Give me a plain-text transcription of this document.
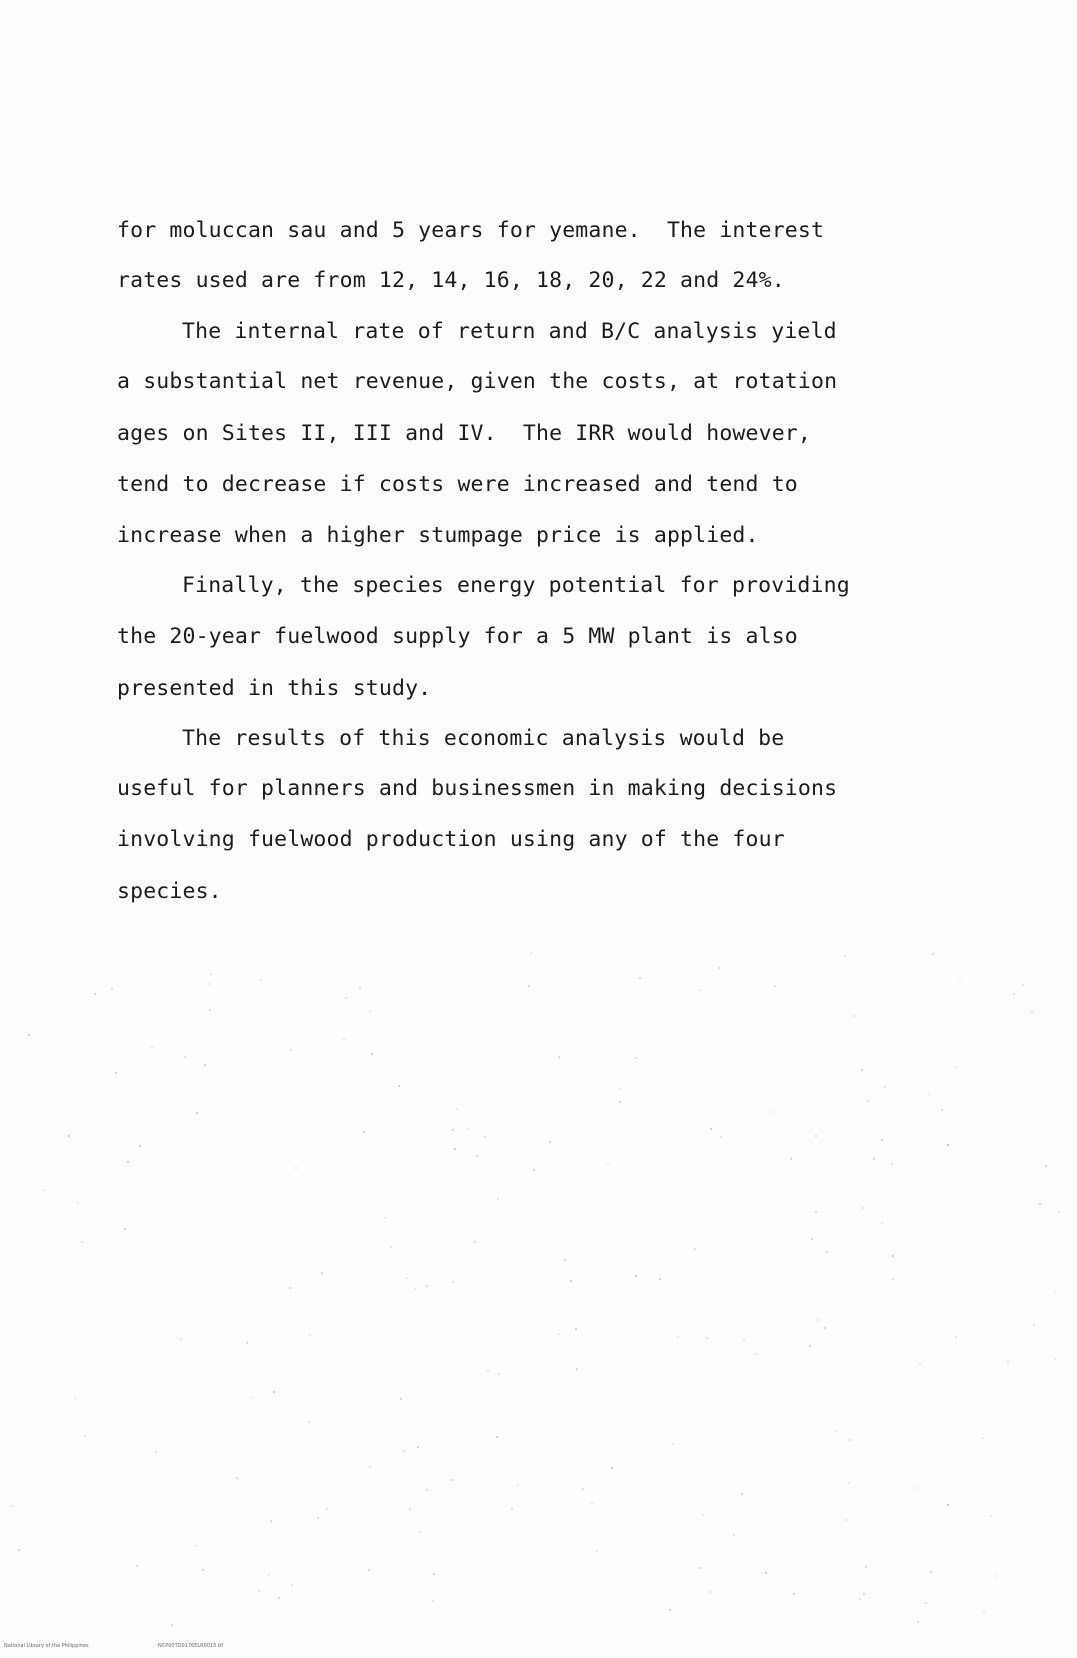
for moluccan sau and 5 years for yemane.  The interest
rates used are from 12, 14, 16, 18, 20, 22 and 24%.
The internal rate of return and B/C analysis yield
a substantial net revenue, given the costs, at rotation
ages on Sites II, III and IV.  The IRR would however,
tend to decrease if costs were increased and tend to
increase when a higher stumpage price is applied.
Finally, the species energy potential for providing
the 20-year fuelwood supply for a 5 MW plant is also
presented in this study.
The results of this economic analysis would be
useful for planners and businessmen in making decisions
involving fuelwood production using any of the four
species.
National Library of the Philippines	NCP00TD0176ELR0015.tif
